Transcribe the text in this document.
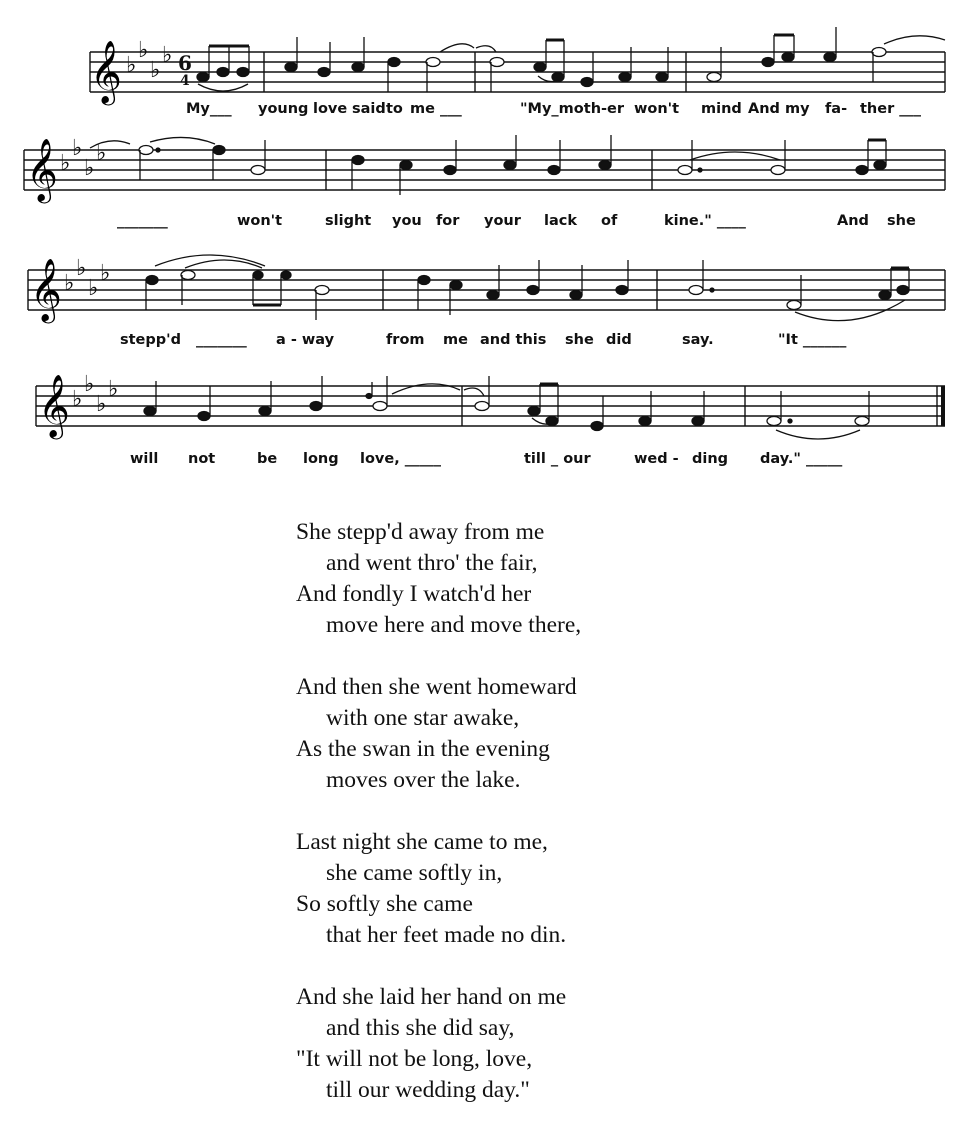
𝄞 ♭
♭
♭
♭ 6
4
My___ young love said to me ___	"My_moth-er won't mind And my fa- ther ___
𝄞 ♭
♭
♭
♭
_______	won't	slight you for your lack of	kine." ____	And she
𝄞 ♭
♭
♭
♭
stepp'd _______ a - way	from me and this she did	say.	"It ______
𝄞 ♭
♭
♭
♭
will not	be long love, _____	till _ our	wed - ding day." _____
She stepp'd away from me
and went thro' the fair,
And fondly I watch'd her
move here and move there,
And then she went homeward
with one star awake,
As the swan in the evening
moves over the lake.
Last night she came to me,
she came softly in,
So softly she came
that her feet made no din.
And she laid her hand on me
and this she did say,
"It will not be long, love,
till our wedding day."
